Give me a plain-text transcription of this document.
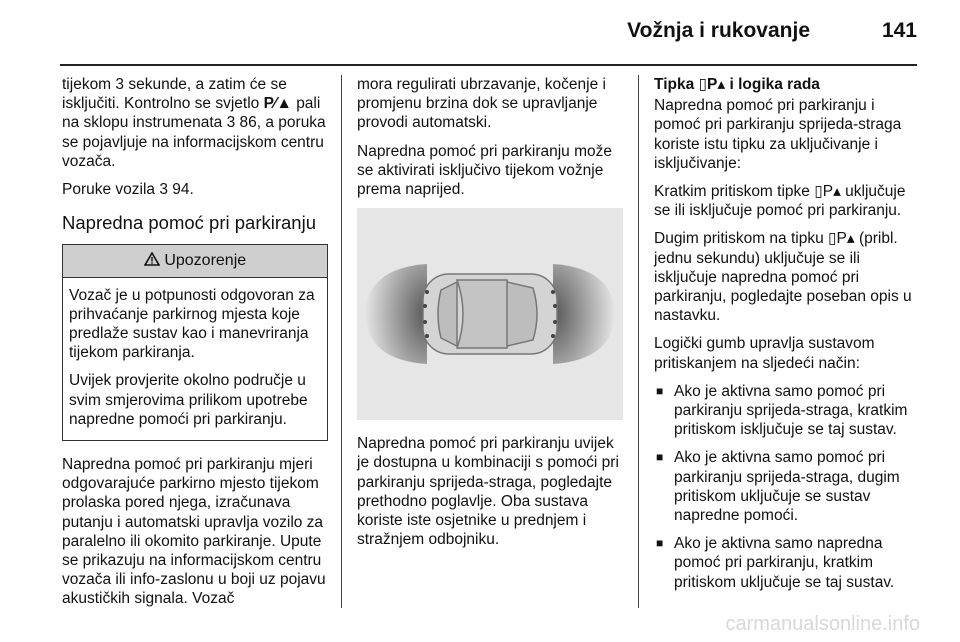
Vožnja i rukovanje	141

tijekom 3 sekunde, a zatim će se isključiti. Kontrolno se svjetlo P⁄▲ pali na sklopu instrumenata 3 86, a poruka se pojavljuje na informacijskom centru vozača.

Poruke vozila 3 94.

Napredna pomoć pri parkiranju
Upozorenje

Vozač je u potpunosti odgovoran za prihvaćanje parkirnog mjesta koje predlaže sustav kao i manevriranja tijekom parkiranja.

Uvijek provjerite okolno područje u svim smjerovima prilikom upotrebe napredne pomoći pri parkiranju.

Napredna pomoć pri parkiranju mjeri odgovarajuće parkirno mjesto tijekom prolaska pored njega, izračunava putanju i automatski upravlja vozilo za paralelno ili okomito parkiranje. Upute se prikazuju na informacijskom centru vozača ili info-zaslonu u boji uz pojavu akustičkih signala. Vozač

mora regulirati ubrzavanje, kočenje i promjenu brzina dok se upravljanje provodi automatski.

Napredna pomoć pri parkiranju može se aktivirati isključivo tijekom vožnje prema naprijed.

Napredna pomoć pri parkiranju uvijek je dostupna u kombinaciji s pomoći pri parkiranju sprijeda-straga, pogledajte prethodno poglavlje. Oba sustava koriste iste osjetnike u prednjem i stražnjem odbojniku.

Tipka ▯P▴ i logika rada

Napredna pomoć pri parkiranju i pomoć pri parkiranju sprijeda-straga koriste istu tipku za uključivanje i isključivanje:

Kratkim pritiskom tipke ▯P▴ uključuje se ili isključuje pomoć pri parkiranju.

Dugim pritiskom na tipku ▯P▴ (pribl. jednu sekundu) uključuje se ili isključuje napredna pomoć pri parkiranju, pogledajte poseban opis u nastavku.

Logički gumb upravlja sustavom pritiskanjem na sljedeći način:

■ Ako je aktivna samo pomoć pri parkiranju sprijeda-straga, kratkim pritiskom isključuje se taj sustav.
■ Ako je aktivna samo pomoć pri parkiranju sprijeda-straga, dugim pritiskom uključuje se sustav napredne pomoći.
■ Ako je aktivna samo napredna pomoć pri parkiranju, kratkim pritiskom uključuje se taj sustav.
carmanualsonline.info
